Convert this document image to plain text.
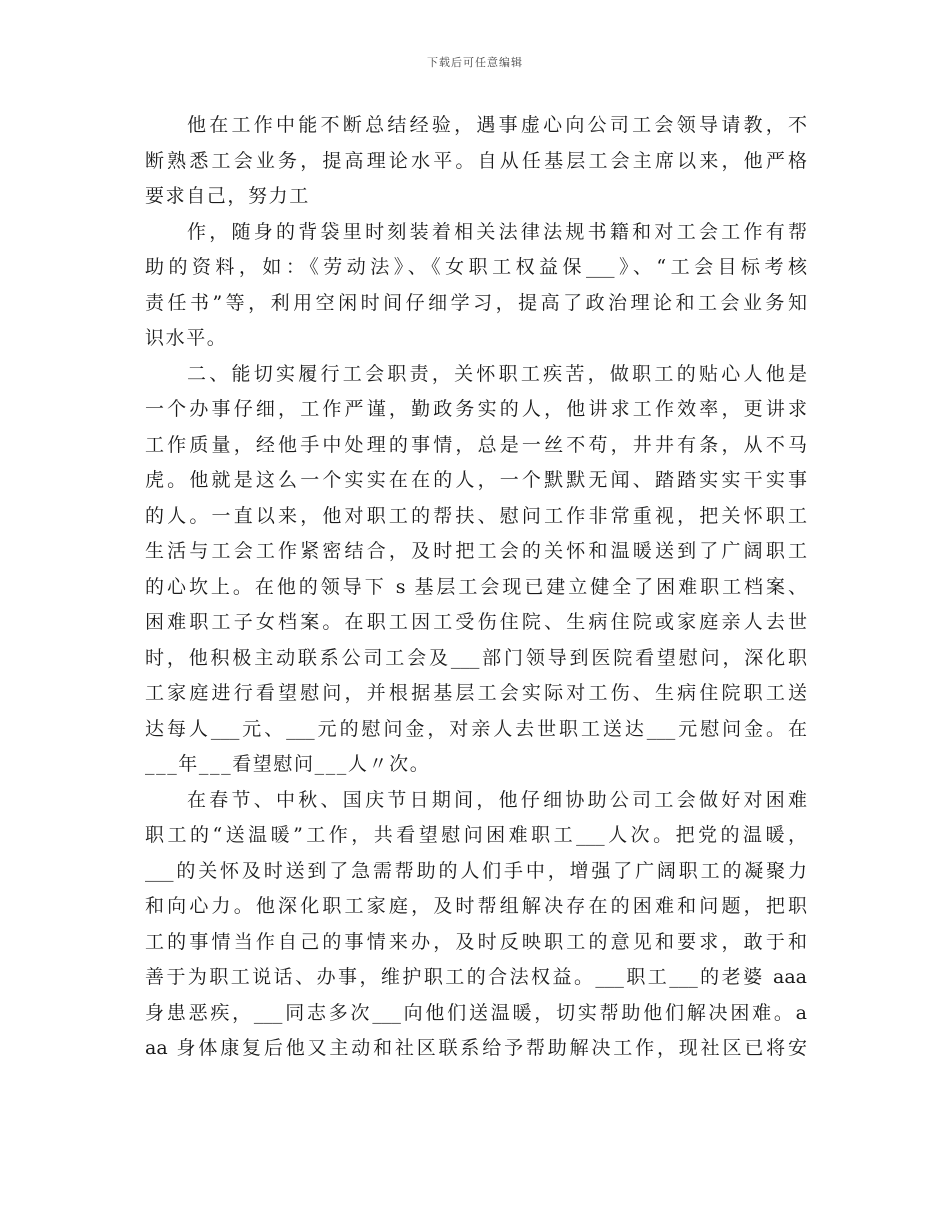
下载后可任意编辑
他在工作中能不断总结经验，遇事虚心向公司工会领导请教，不
断熟悉工会业务，提高理论水平。自从任基层工会主席以来，他严格
要求自己，努力工
作，随身的背袋里时刻装着相关法律法规书籍和对工会工作有帮
助的资料，如：《劳动法》、《女职工权益保___》、“工会目标考核
责任书”等，利用空闲时间仔细学习，提高了政治理论和工会业务知
识水平。
二、能切实履行工会职责，关怀职工疾苦，做职工的贴心人他是
一个办事仔细，工作严谨，勤政务实的人，他讲求工作效率，更讲求
工作质量，经他手中处理的事情，总是一丝不苟，井井有条，从不马
虎。他就是这么一个实实在在的人，一个默默无闻、踏踏实实干实事
的人。一直以来，他对职工的帮扶、慰问工作非常重视，把关怀职工
生活与工会工作紧密结合，及时把工会的关怀和温暖送到了广阔职工
的心坎上。在他的领导下 s 基层工会现已建立健全了困难职工档案、
困难职工子女档案。在职工因工受伤住院、生病住院或家庭亲人去世
时，他积极主动联系公司工会及___部门领导到医院看望慰问，深化职
工家庭进行看望慰问，并根据基层工会实际对工伤、生病住院职工送
达每人___元、___元的慰问金，对亲人去世职工送达___元慰问金。在
___年___看望慰问___人〃次。
在春节、中秋、国庆节日期间，他仔细协助公司工会做好对困难
职工的“送温暖”工作，共看望慰问困难职工___人次。把党的温暖，
___的关怀及时送到了急需帮助的人们手中，增强了广阔职工的凝聚力
和向心力。他深化职工家庭，及时帮组解决存在的困难和问题，把职
工的事情当作自己的事情来办，及时反映职工的意见和要求，敢于和
善于为职工说话、办事，维护职工的合法权益。___职工___的老婆 aaa
身患恶疾，___同志多次___向他们送温暖，切实帮助他们解决困难。a
aa 身体康复后他又主动和社区联系给予帮助解决工作，现社区已将安
